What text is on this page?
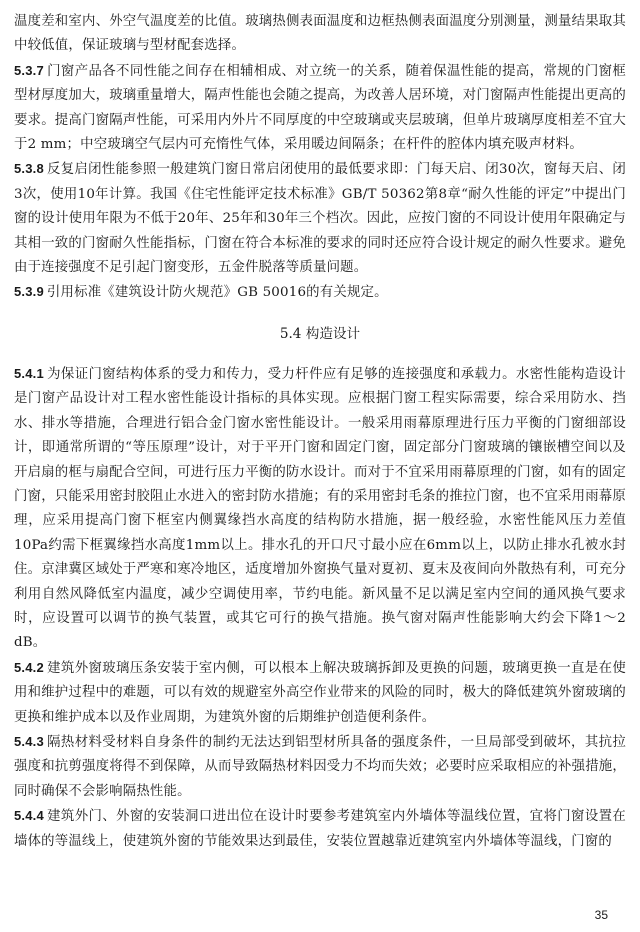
温度差和室内、外空气温度差的比值。玻璃热侧表面温度和边框热侧表面温度分别测量，测量结果取其中较低值，保证玻璃与型材配套选择。

5.3.7 门窗产品各不同性能之间存在相辅相成、对立统一的关系，随着保温性能的提高，常规的门窗框型材厚度加大，玻璃重量增大，隔声性能也会随之提高，为改善人居环境，对门窗隔声性能提出更高的要求。提高门窗隔声性能，可采用内外片不同厚度的中空玻璃或夹层玻璃，但单片玻璃厚度相差不宜大于2 mm；中空玻璃空气层内可充惰性气体，采用暖边间隔条；在杆件的腔体内填充吸声材料。

5.3.8 反复启闭性能参照一般建筑门窗日常启闭使用的最低要求即：门每天启、闭30次，窗每天启、闭3次，使用10年计算。我国《住宅性能评定技术标准》GB/T 50362第8章“耐久性能的评定”中提出门窗的设计使用年限为不低于20年、25年和30年三个档次。因此，应按门窗的不同设计使用年限确定与其相一致的门窗耐久性能指标，门窗在符合本标准的要求的同时还应符合设计规定的耐久性要求。避免由于连接强度不足引起门窗变形，五金件脱落等质量问题。

5.3.9 引用标准《建筑设计防火规范》GB 50016的有关规定。

5.4 构造设计

5.4.1 为保证门窗结构体系的受力和传力，受力杆件应有足够的连接强度和承载力。水密性能构造设计是门窗产品设计对工程水密性能设计指标的具体实现。应根据门窗工程实际需要，综合采用防水、挡水、排水等措施，合理进行铝合金门窗水密性能设计。一般采用雨幕原理进行压力平衡的门窗细部设计，即通常所谓的“等压原理”设计，对于平开门窗和固定门窗，固定部分门窗玻璃的镶嵌槽空间以及开启扇的框与扇配合空间，可进行压力平衡的防水设计。而对于不宜采用雨幕原理的门窗，如有的固定门窗，只能采用密封胶阻止水进入的密封防水措施；有的采用密封毛条的推拉门窗，也不宜采用雨幕原理，应采用提高门窗下框室内侧翼缘挡水高度的结构防水措施，据一般经验，水密性能风压力差值10Pa约需下框翼缘挡水高度1mm以上。排水孔的开口尺寸最小应在6mm以上，以防止排水孔被水封住。京津冀区域处于严寒和寒冷地区，适度增加外窗换气量对夏初、夏末及夜间向外散热有利，可充分利用自然风降低室内温度，减少空调使用率，节约电能。新风量不足以满足室内空间的通风换气要求时，应设置可以调节的换气装置，或其它可行的换气措施。换气窗对隔声性能影响大约会下降1～2 dB。

5.4.2 建筑外窗玻璃压条安装于室内侧，可以根本上解决玻璃拆卸及更换的问题，玻璃更换一直是在使用和维护过程中的难题，可以有效的规避室外高空作业带来的风险的同时，极大的降低建筑外窗玻璃的更换和维护成本以及作业周期，为建筑外窗的后期维护创造便利条件。

5.4.3 隔热材料受材料自身条件的制约无法达到铝型材所具备的强度条件，一旦局部受到破坏，其抗拉强度和抗剪强度将得不到保障，从而导致隔热材料因受力不均而失效；必要时应采取相应的补强措施，同时确保不会影响隔热性能。

5.4.4 建筑外门、外窗的安装洞口进出位在设计时要参考建筑室内外墙体等温线位置，宜将门窗设置在墙体的等温线上，使建筑外窗的节能效果达到最佳，安装位置越靠近建筑室内外墙体等温线，门窗的

35
